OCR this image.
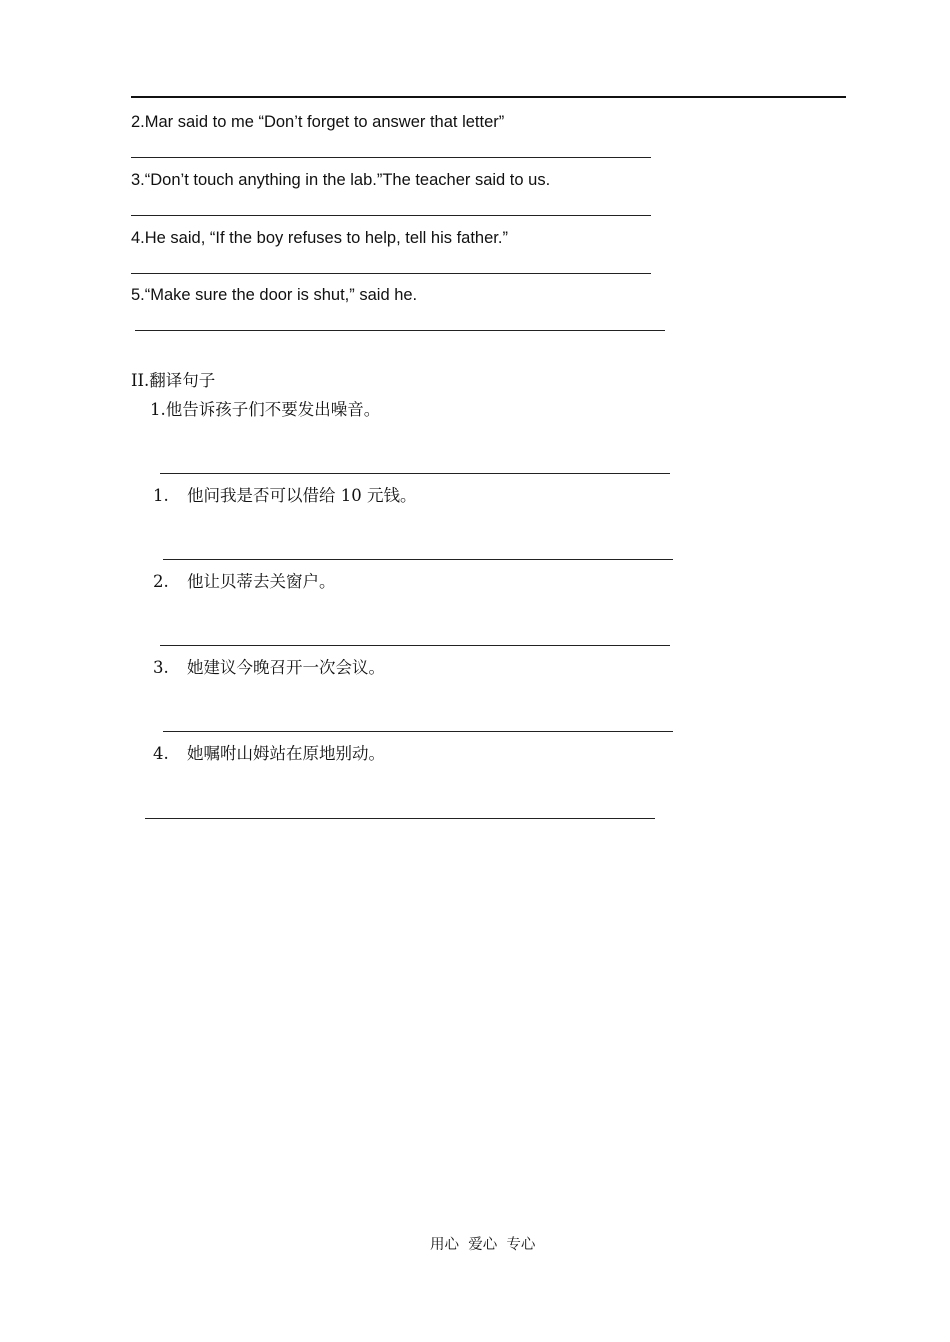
2.Mar said to me “Don’t forget to answer that letter”
3.“Don’t touch anything in the lab.”The teacher said to us.
4.He said, “If the boy refuses to help, tell his father.”
5.“Make sure the door is shut,” said he.
II.翻译句子
1.他告诉孩子们不要发出噪音。
1. 他问我是否可以借给 10 元钱。
2. 他让贝蒂去关窗户。
3. 她建议今晚召开一次会议。
4. 她嘱咐山姆站在原地别动。
用心  爱心  专心
